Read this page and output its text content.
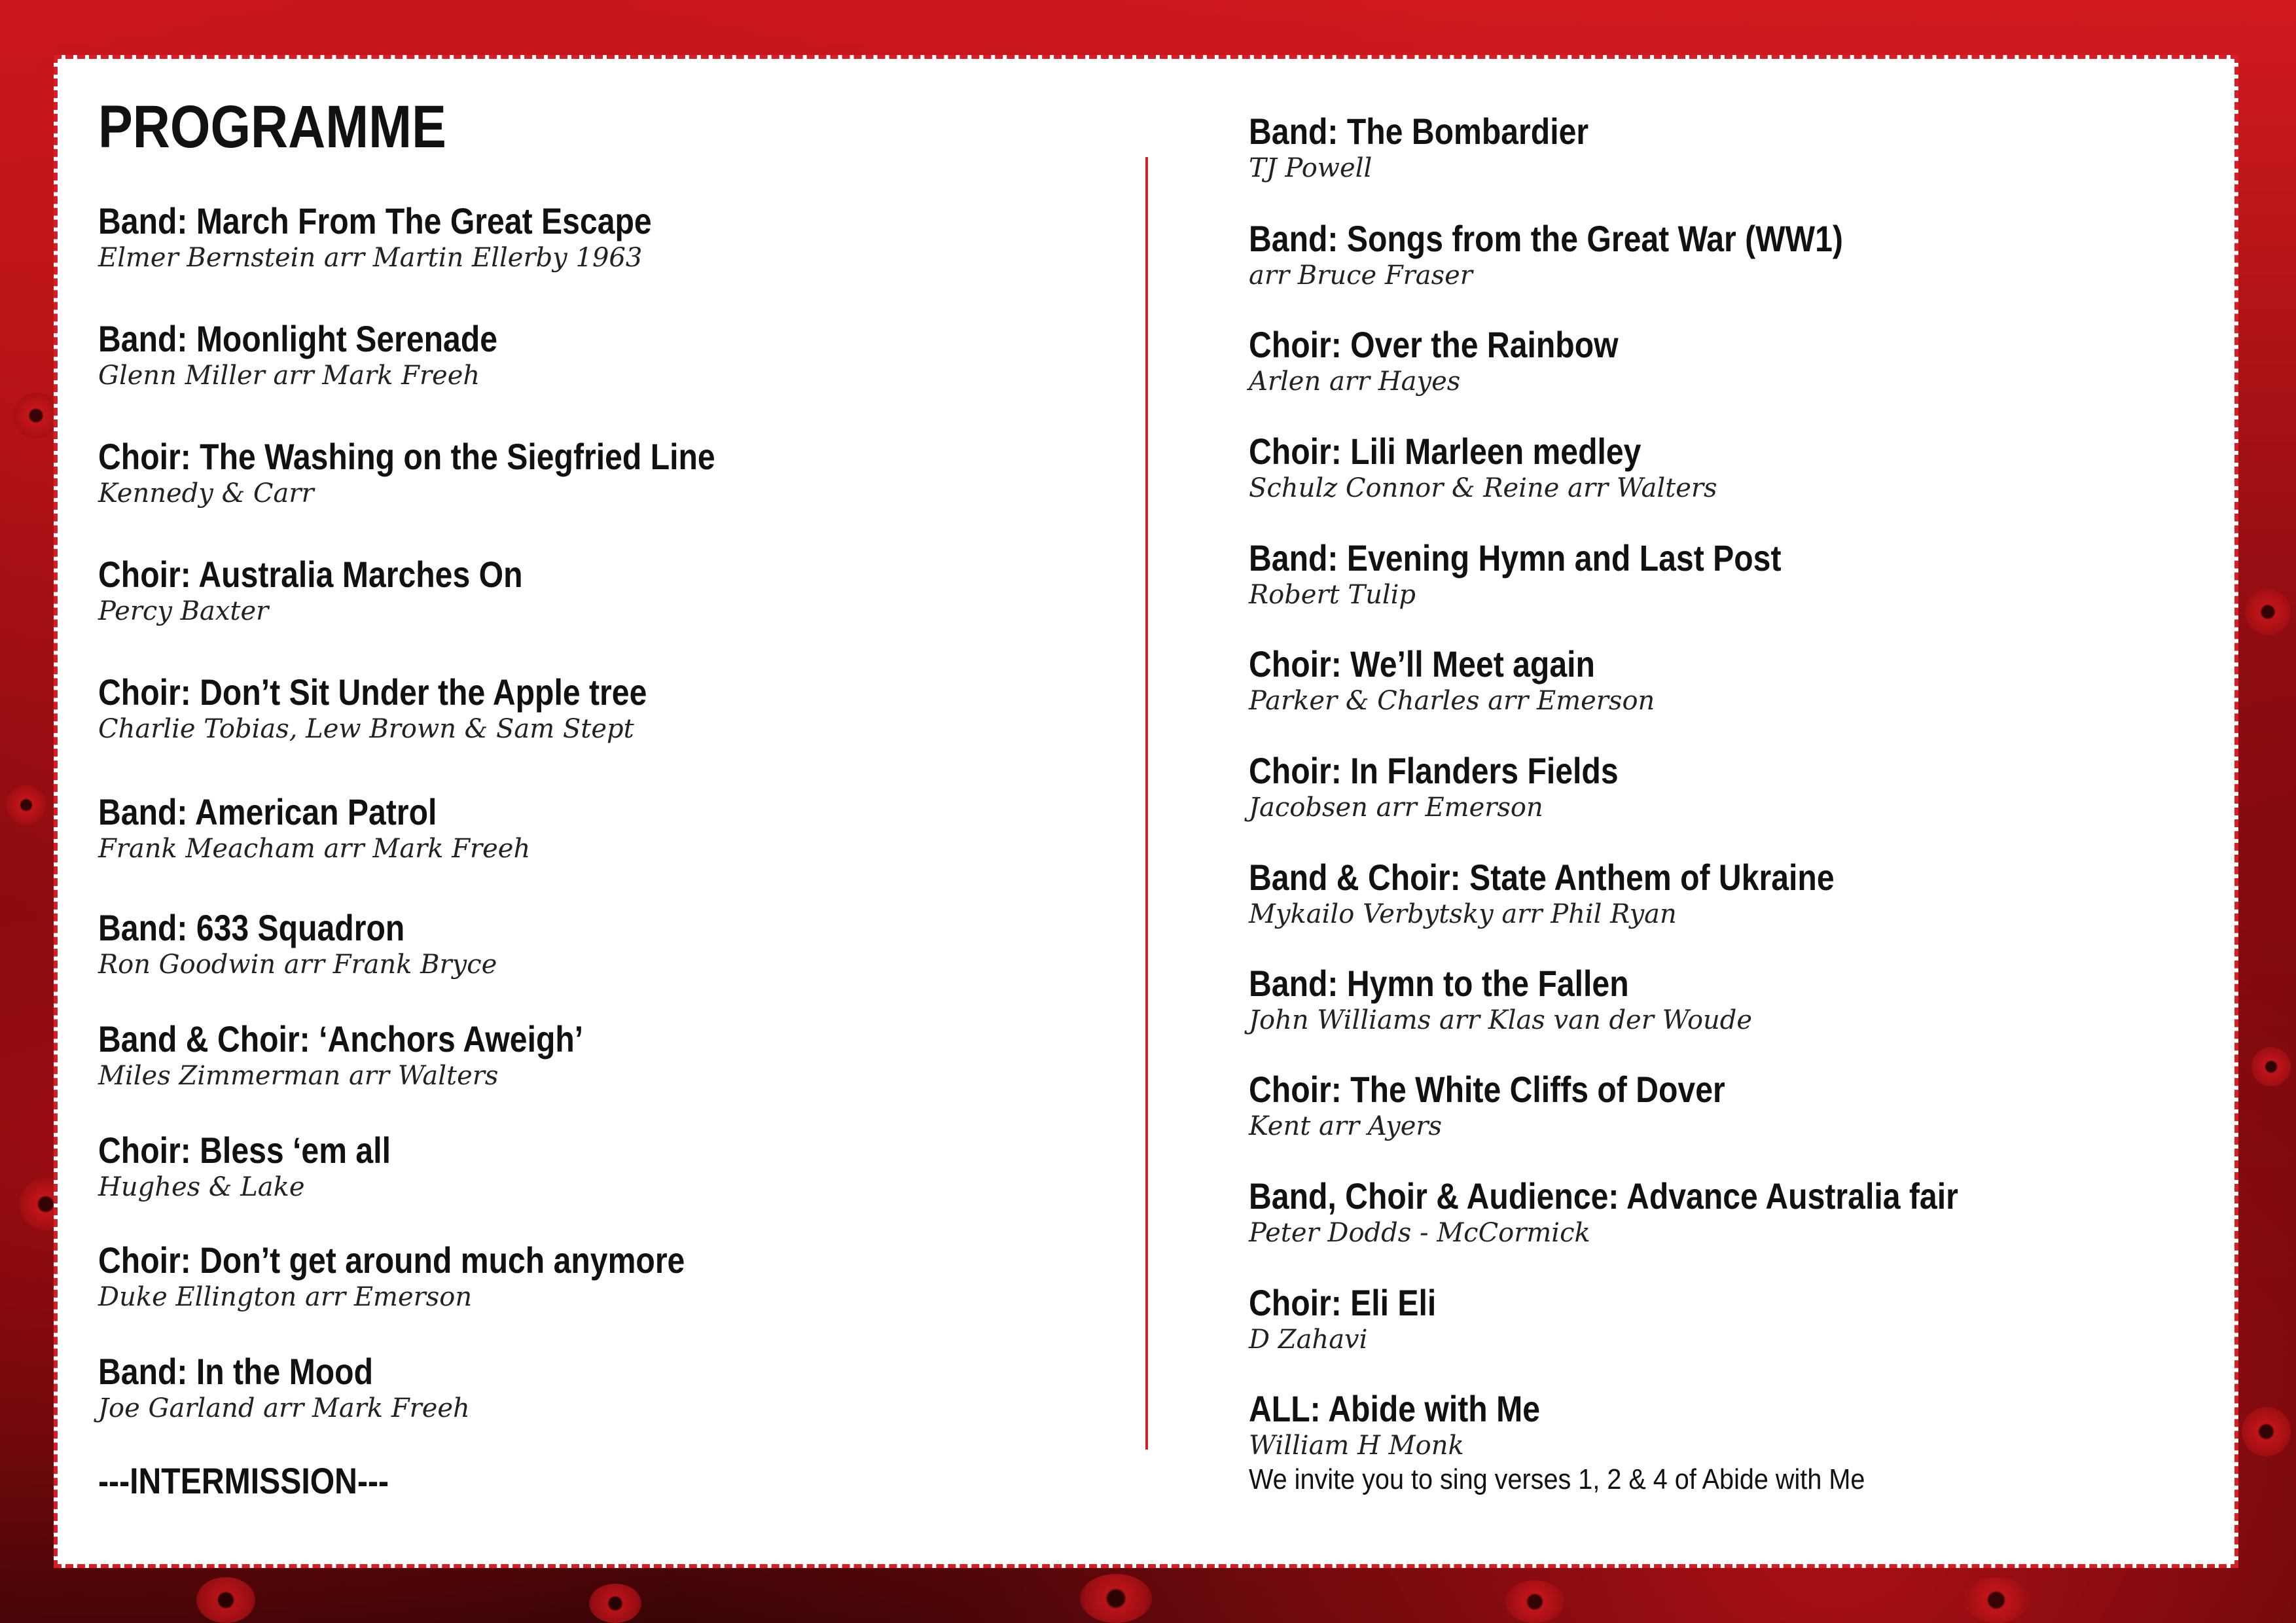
PROGRAMME
Band: March From The Great Escape
Elmer Bernstein arr Martin Ellerby 1963
Band: Moonlight Serenade
Glenn Miller arr Mark Freeh
Choir: The Washing on the Siegfried Line
Kennedy & Carr
Choir: Australia Marches On
Percy Baxter
Choir: Don’t Sit Under the Apple tree
Charlie Tobias, Lew Brown & Sam Stept
Band: American Patrol
Frank Meacham arr Mark Freeh
Band: 633 Squadron
Ron Goodwin arr Frank Bryce
Band & Choir: ‘Anchors Aweigh’
Miles Zimmerman arr Walters
Choir: Bless ‘em all
Hughes & Lake
Choir: Don’t get around much anymore
Duke Ellington arr Emerson
Band: In the Mood
Joe Garland arr Mark Freeh
Band: The Bombardier
TJ Powell
Band: Songs from the Great War (WW1)
arr Bruce Fraser
Choir: Over the Rainbow
Arlen arr Hayes
Choir: Lili Marleen medley
Schulz Connor & Reine arr Walters
Band: Evening Hymn and Last Post
Robert Tulip
Choir: We’ll Meet again
Parker & Charles arr Emerson
Choir: In Flanders Fields
Jacobsen arr Emerson
Band & Choir: State Anthem of Ukraine
Mykailo Verbytsky arr Phil Ryan
Band: Hymn to the Fallen
John Williams arr Klas van der Woude
Choir: The White Cliffs of Dover
Kent arr Ayers
Band, Choir & Audience: Advance Australia fair
Peter Dodds - McCormick
Choir: Eli Eli
D Zahavi
ALL: Abide with Me
William H Monk
We invite you to sing verses 1, 2 & 4 of Abide with Me
---INTERMISSION---
